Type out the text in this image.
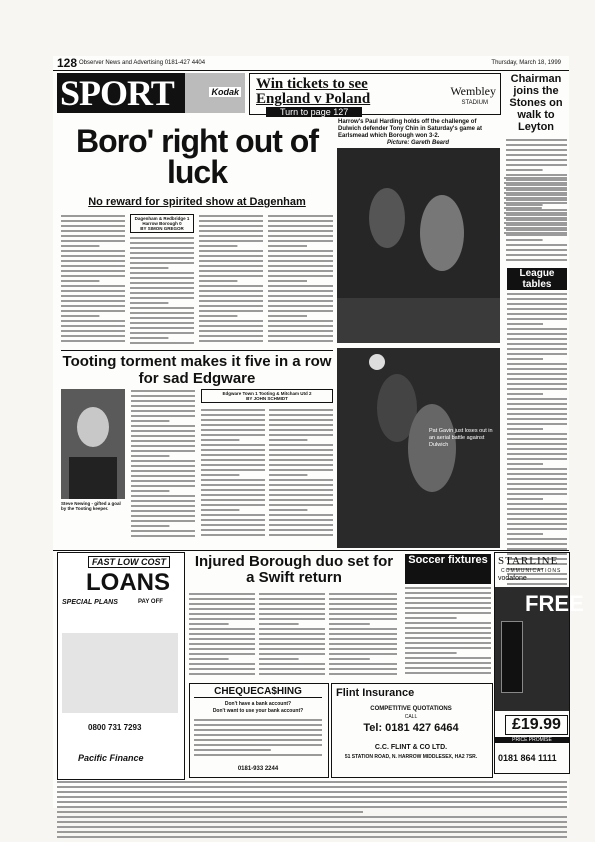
128 Observer News and Advertising 0181-427 4404	Thursday, March 18, 1999
SPORT	Kodak Win tickets to see
England v Poland
Turn to page 127
Wembley
STADIUM
Chairman joins the Stones on walk to Leyton
Boro' right out of luck
No reward for spirited show at Dagenham
Dagenham & Redbridge 1 Harrow Borough 0
BY SIMON GREGOR
Harrow's Paul Harding holds off the challenge of Dulwich defender Tony Chin in Saturday's game at Earlsmead which Borough won 3-2.
Picture: Gareth Beard
League tables
Tooting torment makes it five in a row for sad Edgware
Steve Newing - gifted a goal by the Tooting keeper.
Edgware Town 1 Tooting & Mitcham Utd 2
BY JOHN SCHMIDT
Pat Gavin just loses out in an aerial battle against Dulwich
FAST LOW COST
LOANS
SPECIAL PLANS	PAY OFF
0800 731 7293
Pacific Finance
Injured Borough duo set for a Swift return
Soccer fixtures STARLINE
COMMUNICATIONS
vodafone
FREE
£19.99
PRICE PROMISE
0181 864 1111
CHEQUECA$HING
Don't have a bank account?
Don't want to use your bank account?
0181-933 2244
Flint Insurance
COMPETITIVE QUOTATIONS
CALL
Tel: 0181 427 6464
C.C. FLINT & CO LTD.
51 STATION ROAD, N. HARROW MIDDLESEX, HA2 7SR.
